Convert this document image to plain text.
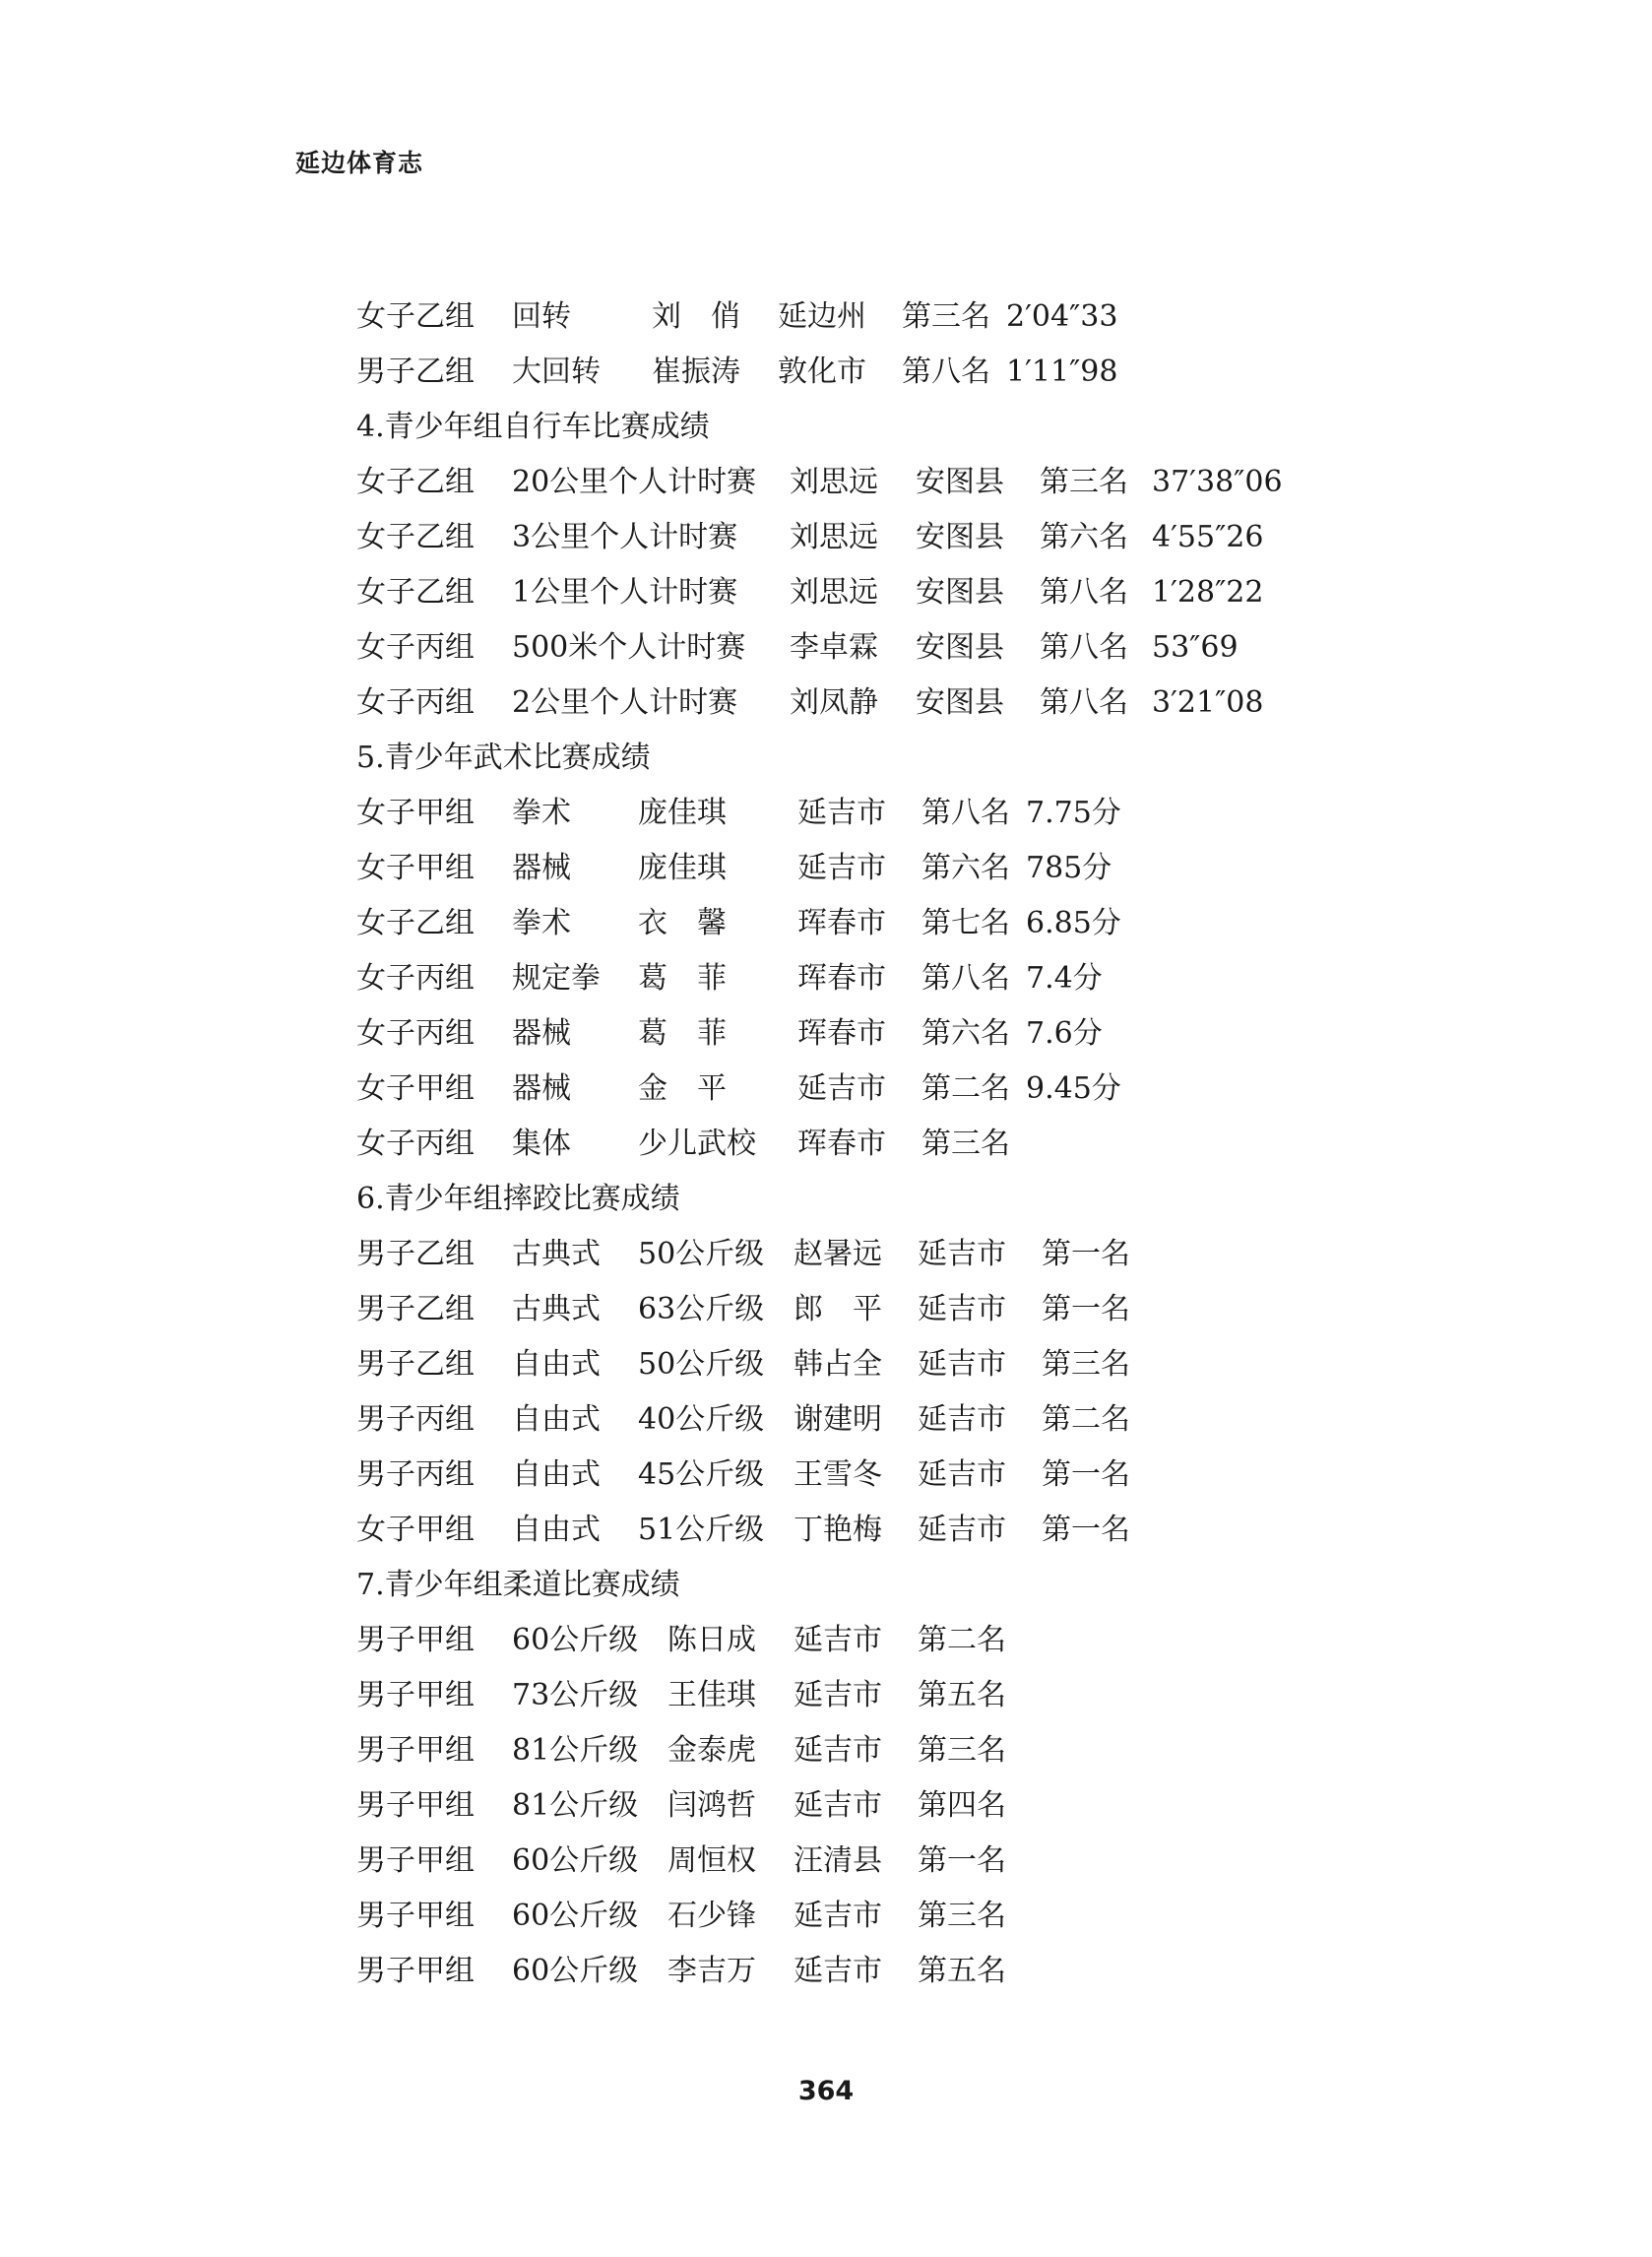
延边体育志
女子乙组 回转	刘　俏 延边州 第三名 2′04″33
男子乙组 大回转 崔振涛 敦化市 第八名 1′11″98
4.青少年组自行车比赛成绩
女子乙组 20公里个人计时赛 刘思远 安图县 第三名 37′38″06
女子乙组 3公里个人计时赛 刘思远 安图县 第六名 4′55″26
女子乙组 1公里个人计时赛 刘思远 安图县 第八名 1′28″22
女子丙组 500米个人计时赛 李卓霖 安图县 第八名 53″69
女子丙组 2公里个人计时赛 刘凤静 安图县 第八名 3′21″08
5.青少年武术比赛成绩
女子甲组 拳术 庞佳琪 延吉市 第八名 7.75分
女子甲组 器械 庞佳琪 延吉市 第六名 785分
女子乙组 拳术 衣　馨 珲春市 第七名 6.85分
女子丙组 规定拳 葛　菲 珲春市 第八名 7.4分
女子丙组 器械 葛　菲 珲春市 第六名 7.6分
女子甲组 器械 金　平 延吉市 第二名 9.45分
女子丙组 集体 少儿武校 珲春市 第三名
6.青少年组摔跤比赛成绩
男子乙组 古典式 50公斤级 赵暑远 延吉市 第一名
男子乙组 古典式 63公斤级 郎　平 延吉市 第一名
男子乙组 自由式 50公斤级 韩占全 延吉市 第三名
男子丙组 自由式 40公斤级 谢建明 延吉市 第二名
男子丙组 自由式 45公斤级 王雪冬 延吉市 第一名
女子甲组 自由式 51公斤级 丁艳梅 延吉市 第一名
7.青少年组柔道比赛成绩
男子甲组 60公斤级 陈日成 延吉市 第二名
男子甲组 73公斤级 王佳琪 延吉市 第五名
男子甲组 81公斤级 金泰虎 延吉市 第三名
男子甲组 81公斤级 闫鸿哲 延吉市 第四名
男子甲组 60公斤级 周恒权 汪清县 第一名
男子甲组 60公斤级 石少锋 延吉市 第三名
男子甲组 60公斤级 李吉万 延吉市 第五名
364
